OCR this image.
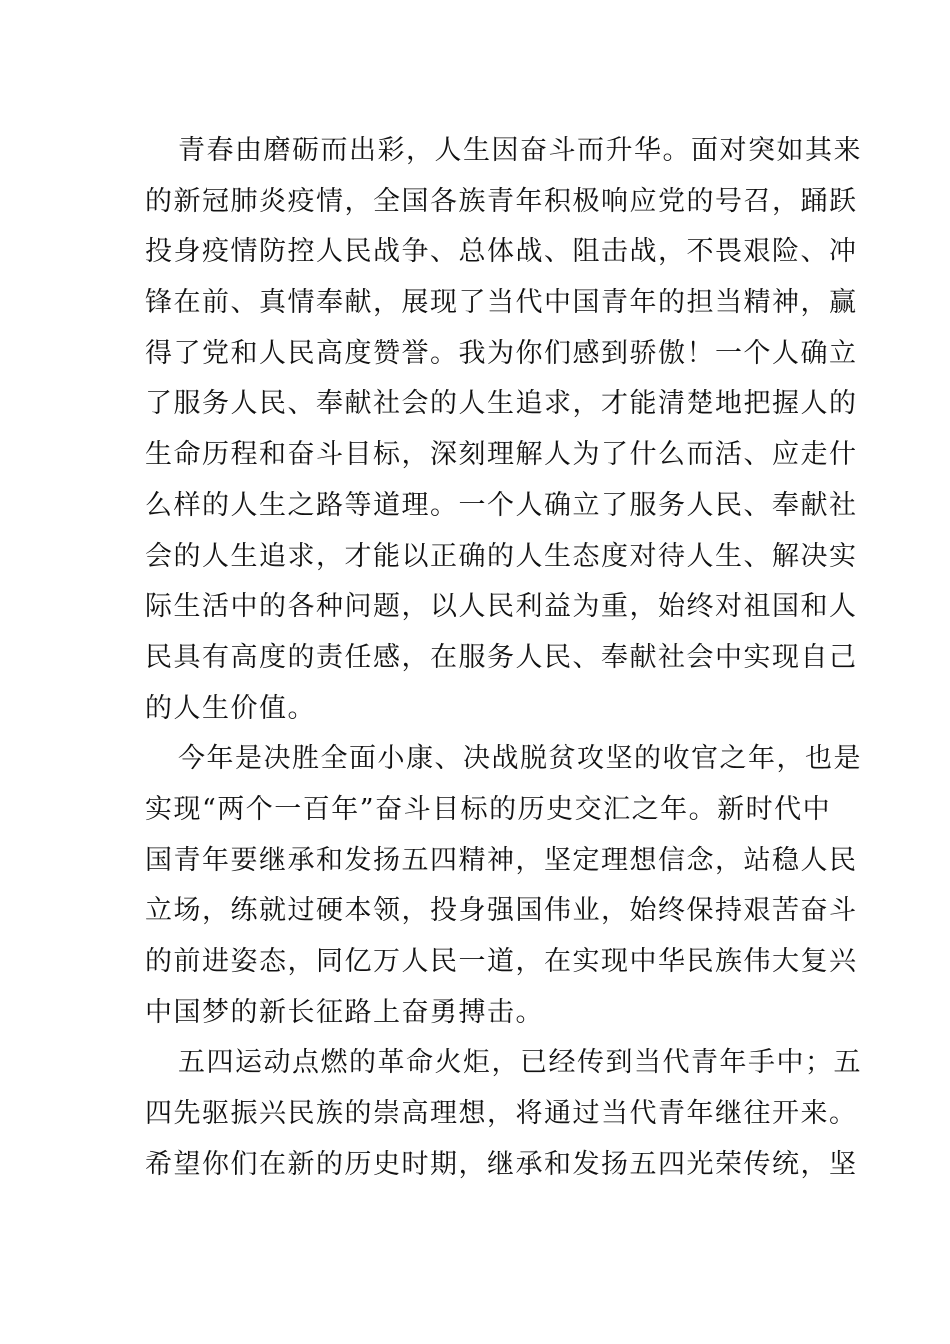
青春由磨砺而出彩，人生因奋斗而升华。面对突如其来
的新冠肺炎疫情，全国各族青年积极响应党的号召，踊跃
投身疫情防控人民战争、总体战、阻击战，不畏艰险、冲
锋在前、真情奉献，展现了当代中国青年的担当精神，赢
得了党和人民高度赞誉。我为你们感到骄傲！一个人确立
了服务人民、奉献社会的人生追求，才能清楚地把握人的
生命历程和奋斗目标，深刻理解人为了什么而活、应走什
么样的人生之路等道理。一个人确立了服务人民、奉献社
会的人生追求，才能以正确的人生态度对待人生、解决实
际生活中的各种问题，以人民利益为重，始终对祖国和人
民具有高度的责任感，在服务人民、奉献社会中实现自己
的人生价值。
今年是决胜全面小康、决战脱贫攻坚的收官之年，也是
实现“两个一百年”奋斗目标的历史交汇之年。新时代中
国青年要继承和发扬五四精神，坚定理想信念，站稳人民
立场，练就过硬本领，投身强国伟业，始终保持艰苦奋斗
的前进姿态，同亿万人民一道，在实现中华民族伟大复兴
中国梦的新长征路上奋勇搏击。
五四运动点燃的革命火炬，已经传到当代青年手中；五
四先驱振兴民族的崇高理想，将通过当代青年继往开来。
希望你们在新的历史时期，继承和发扬五四光荣传统，坚
